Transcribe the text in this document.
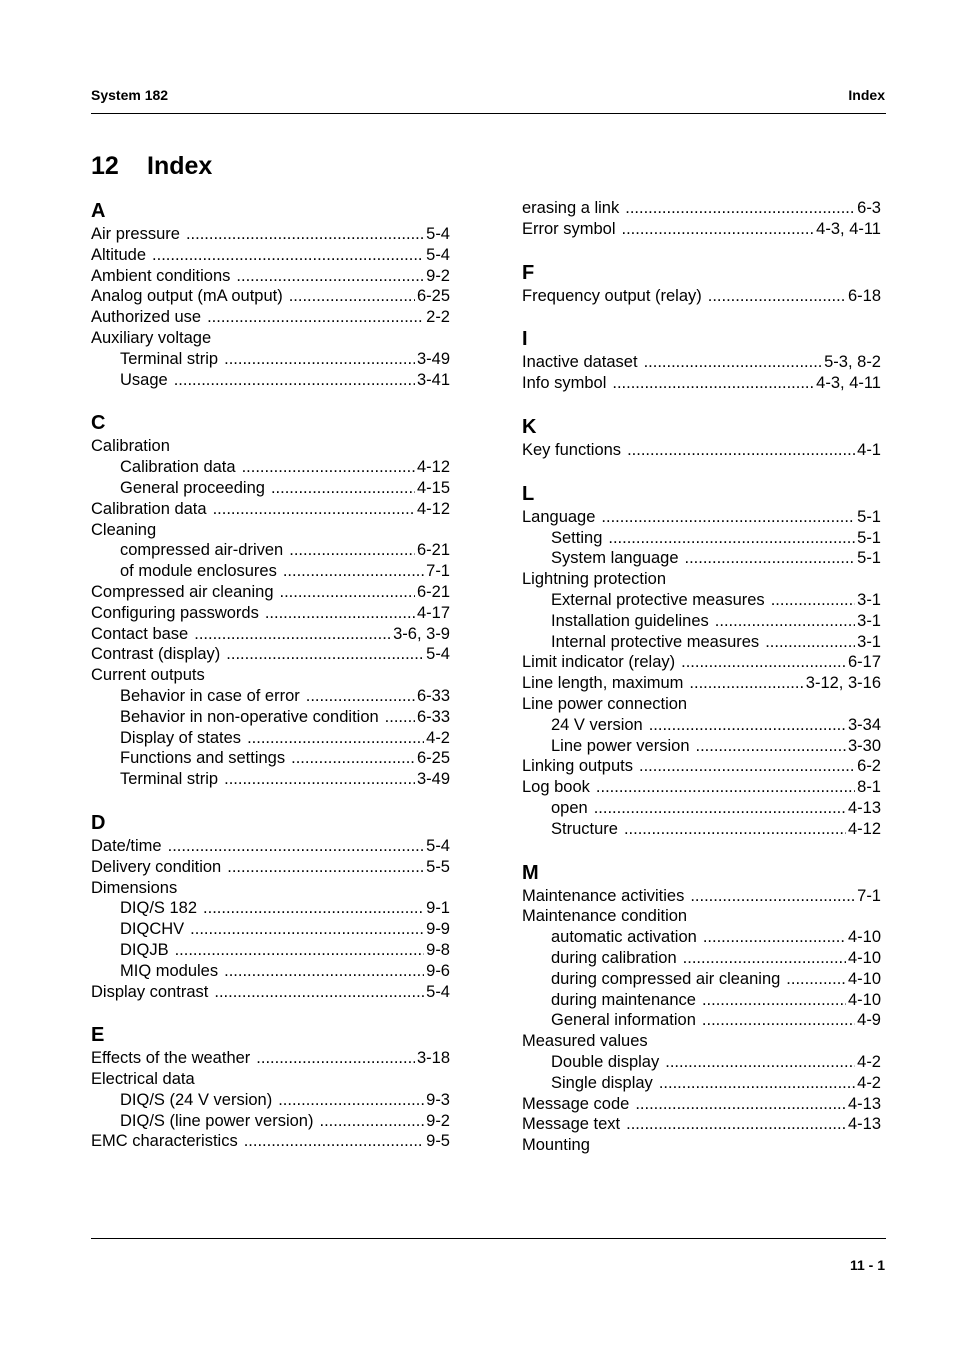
System 182	Index
12 Index
A
Air pressure .....	5-4
Altitude .....	5-4
Ambient conditions .....	9-2
Analog output (mA output) .....	6-25
Authorized use .....	2-2
Auxiliary voltage
Terminal strip .....	3-49
Usage .....	3-41
C
Calibration
Calibration data .....	4-12
General proceeding .....	4-15
Calibration data .....	4-12
Cleaning
compressed air-driven .....	6-21
of module enclosures .....	7-1
Compressed air cleaning .....	6-21
Configuring passwords .....	4-17
Contact base .....	3-6, 3-9
Contrast (display) .....	5-4
Current outputs
Behavior in case of error .....	6-33
Behavior in non-operative condition ..... 6-33
Display of states .....	4-2
Functions and settings .....	6-25
Terminal strip .....	3-49
D
Date/time .....	5-4
Delivery condition .....	5-5
Dimensions
DIQ/S 182 .....	9-1
DIQCHV .....	9-9
DIQJB .....	9-8
MIQ modules .....	9-6
Display contrast .....	5-4
E
Effects of the weather .....	3-18
Electrical data
DIQ/S (24 V version) .....	9-3
DIQ/S (line power version) .....	9-2
EMC characteristics .....	9-5
erasing a link .....	6-3
Error symbol .....	4-3, 4-11
F
Frequency output (relay) .....	6-18
I
Inactive dataset .....	5-3, 8-2
Info symbol .....	4-3, 4-11
K
Key functions .....	4-1
L
Language .....	5-1
Setting .....	5-1
System language .....	5-1
Lightning protection
External protective measures .....	3-1
Installation guidelines .....	3-1
Internal protective measures .....	3-1
Limit indicator (relay) .....	6-17
Line length, maximum .....	3-12, 3-16
Line power connection
24 V version .....	3-34
Line power version .....	3-30
Linking outputs .....	6-2
Log book .....	8-1
open .....	4-13
Structure .....	4-12
M
Maintenance activities .....	7-1
Maintenance condition
automatic activation .....	4-10
during calibration .....	4-10
during compressed air cleaning .....	4-10
during maintenance .....	4-10
General information .....	4-9
Measured values
Double display .....	4-2
Single display .....	4-2
Message code .....	4-13
Message text .....	4-13
Mounting
11 - 1
